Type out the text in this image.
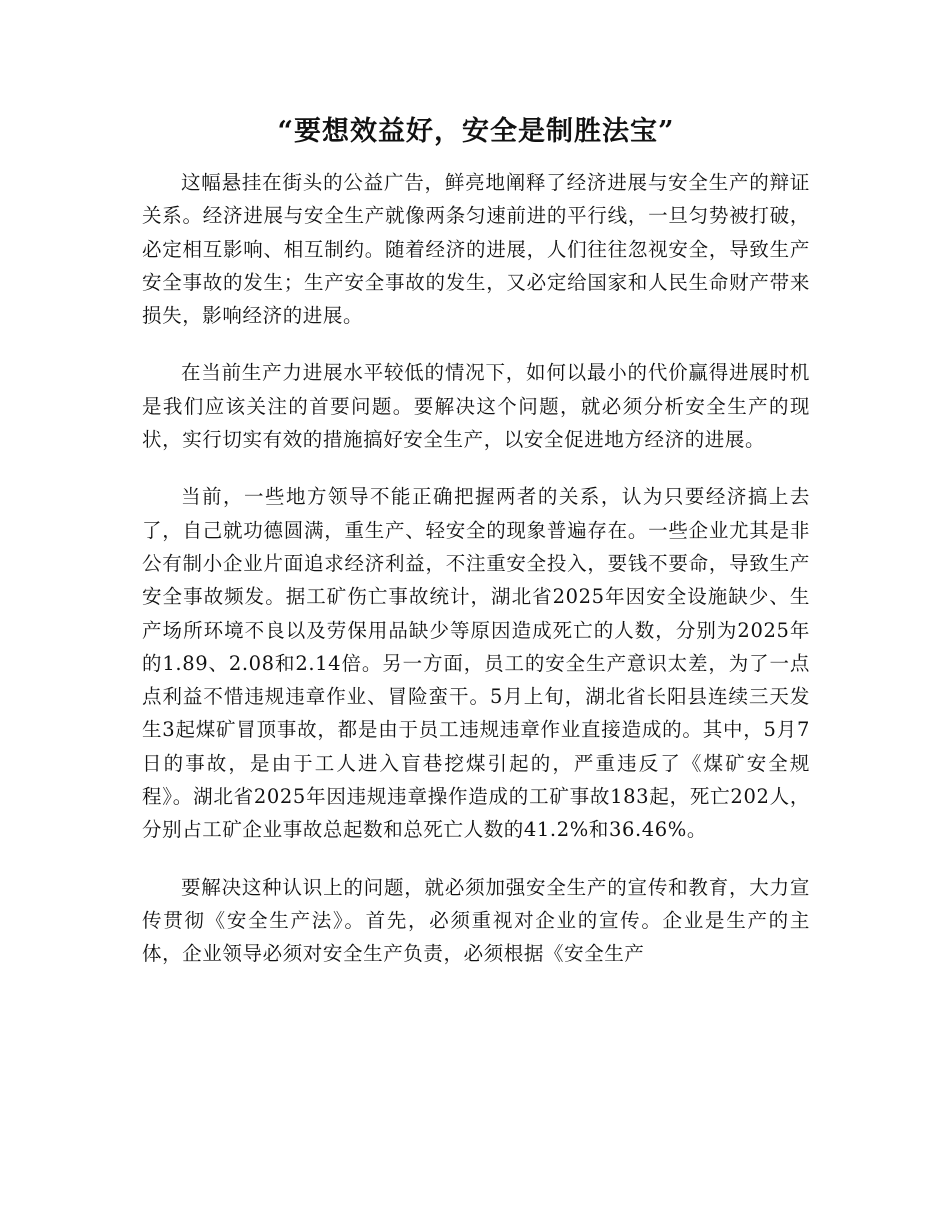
“要想效益好，安全是制胜法宝”

这幅悬挂在街头的公益广告，鲜亮地阐释了经济进展与安全生产的辩证关系。经济进展与安全生产就像两条匀速前进的平行线，一旦匀势被打破，必定相互影响、相互制约。随着经济的进展，人们往往忽视安全，导致生产安全事故的发生；生产安全事故的发生，又必定给国家和人民生命财产带来损失，影响经济的进展。

在当前生产力进展水平较低的情况下，如何以最小的代价赢得进展时机是我们应该关注的首要问题。要解决这个问题，就必须分析安全生产的现状，实行切实有效的措施搞好安全生产，以安全促进地方经济的进展。

当前，一些地方领导不能正确把握两者的关系，认为只要经济搞上去了，自己就功德圆满，重生产、轻安全的现象普遍存在。一些企业尤其是非公有制小企业片面追求经济利益，不注重安全投入，要钱不要命，导致生产安全事故频发。据工矿伤亡事故统计，湖北省2025年因安全设施缺少、生产场所环境不良以及劳保用品缺少等原因造成死亡的人数，分别为2025年的1.89、2.08和2.14倍。另一方面，员工的安全生产意识太差，为了一点点利益不惜违规违章作业、冒险蛮干。5月上旬，湖北省长阳县连续三天发生3起煤矿冒顶事故，都是由于员工违规违章作业直接造成的。其中，5月7日的事故，是由于工人进入盲巷挖煤引起的，严重违反了《煤矿安全规程》。湖北省2025年因违规违章操作造成的工矿事故183起，死亡202人，分别占工矿企业事故总起数和总死亡人数的41.2%和36.46%。

要解决这种认识上的问题，就必须加强安全生产的宣传和教育，大力宣传贯彻《安全生产法》。首先，必须重视对企业的宣传。企业是生产的主体，企业领导必须对安全生产负责，必须根据《安全生产
